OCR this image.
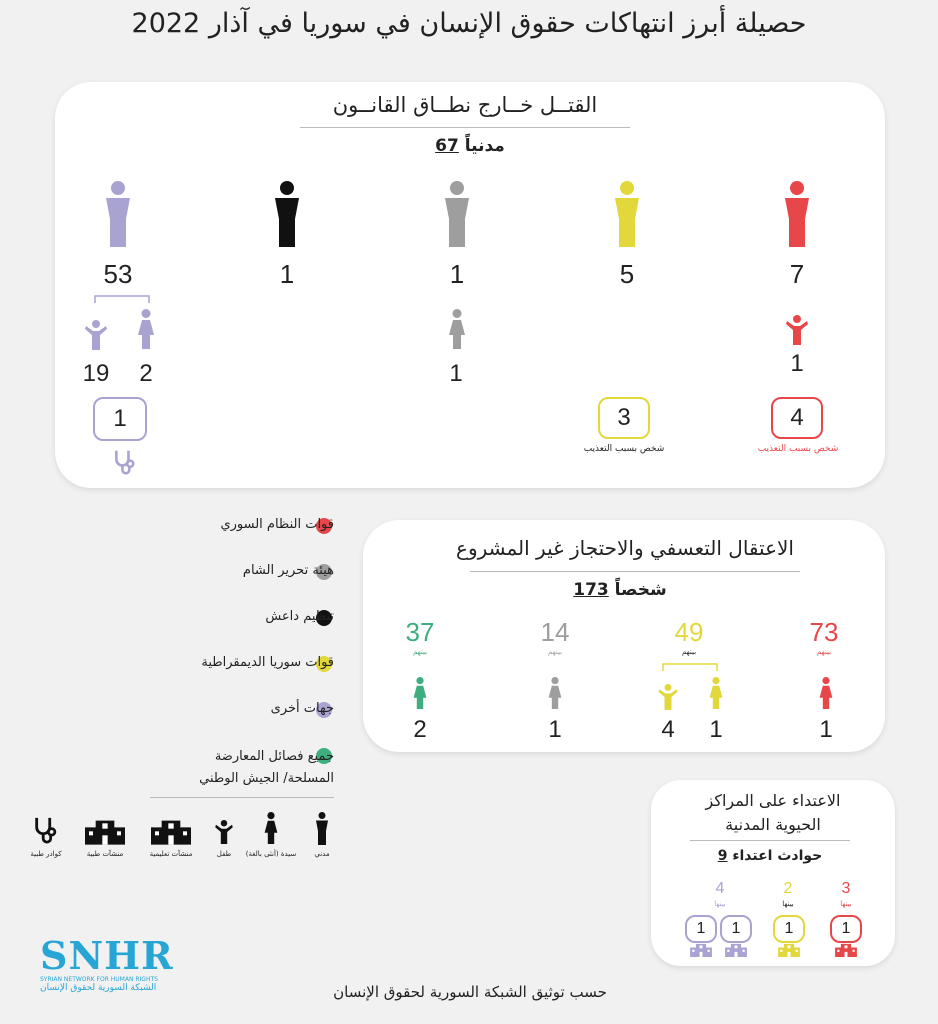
حصيلة أبرز انتهاكات حقوق الإنسان في سوريا في آذار 2022
القتــل خــارج نطــاق القانــون
67 مدنياً
7
1
4
شخص بسبب التعذيب
5
3
شخص بسبب التعذيب
1
1
1
53
19	2
1
قوات النظام السوري
هيئة تحرير الشام
تنظيم داعش
قوات سوريا الديمقراطية
جهات أخرى
جميع فصائل المعارضة المسلحة/ الجيش الوطني
مدني
سيدة (أنثى بالغة)
طفل
منشآت تعليمية
منشآت طبية
كوادر طبية
الاعتقال التعسفي والاحتجاز غير المشروع
173 شخصاً
73
بينهم
1
49
بينهم
1
4
14
بينهم
1
37
بينهم
2
الاعتداء على المراكز
الحيوية المدنية
9 حوادث اعتداء
3
بينها
1
2
بينها
1
4
بينها
1
1
SNHR
SYRIAN NETWORK FOR HUMAN RIGHTS
الشبكة السورية لحقوق الإنسان	حسب توثيق الشبكة السورية لحقوق الإنسان
